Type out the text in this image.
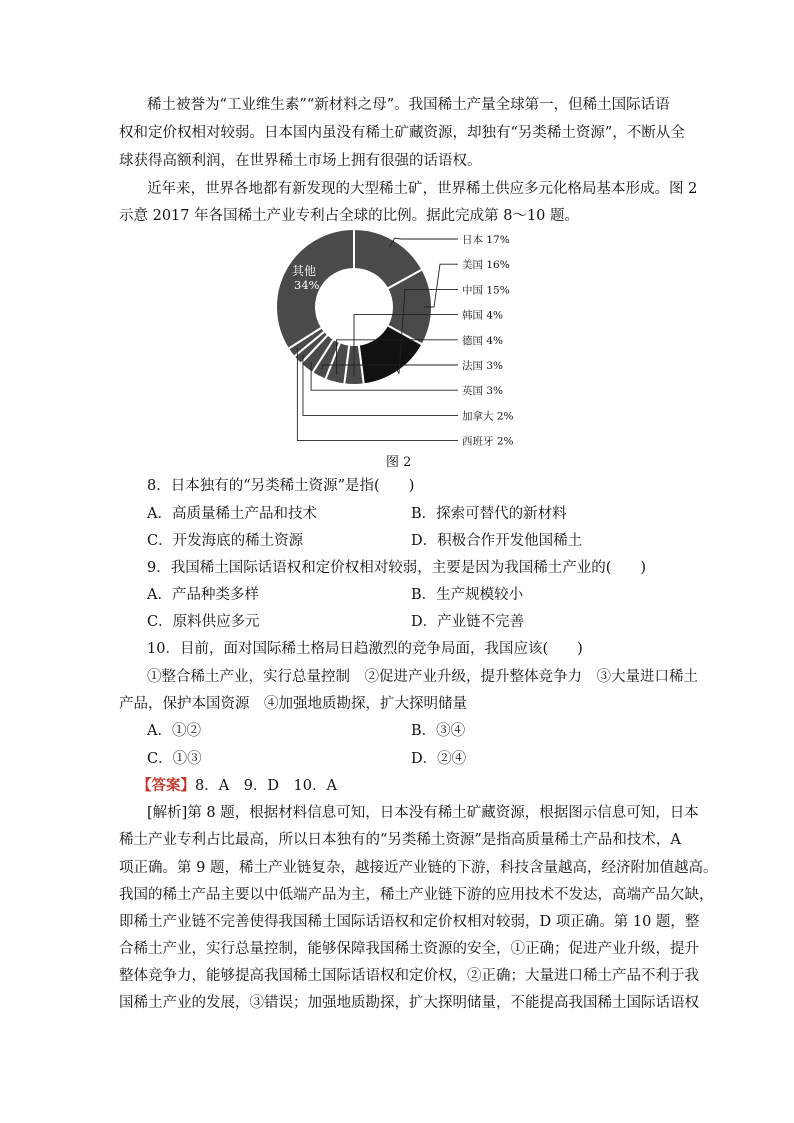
稀土被誉为“工业维生素”“新材料之母”。我国稀土产量全球第一，但稀土国际话语
权和定价权相对较弱。日本国内虽没有稀土矿藏资源，却独有“另类稀土资源”，不断从全
球获得高额利润，在世界稀土市场上拥有很强的话语权。
近年来，世界各地都有新发现的大型稀土矿，世界稀土供应多元化格局基本形成。图 2
示意 2017 年各国稀土产业专利占全球的比例。据此完成第 8～10 题。
日本 17%
美国 16%
中国 15%
韩国 4%
德国 4%
法国 3%
英国 3%
加拿大 2%
西班牙 2%
其他
34%
图 2
8．日本独有的“另类稀土资源”是指(　　)
A．高质量稀土产品和技术	B．探索可替代的新材料
C．开发海底的稀土资源	D．积极合作开发他国稀土
9．我国稀土国际话语权和定价权相对较弱，主要是因为我国稀土产业的(　　)
A．产品种类多样	B．生产规模较小
C．原料供应多元	D．产业链不完善
10．目前，面对国际稀土格局日趋激烈的竞争局面，我国应该(　　)
①整合稀土产业，实行总量控制　②促进产业升级，提升整体竞争力　③大量进口稀土
产品，保护本国资源　④加强地质勘探，扩大探明储量
A．①②	B．③④
C．①③	D．②④
【答案】8．A　9．D　10．A
[解析]第 8 题，根据材料信息可知，日本没有稀土矿藏资源，根据图示信息可知，日本
稀土产业专利占比最高，所以日本独有的“另类稀土资源”是指高质量稀土产品和技术，A
项正确。第 9 题，稀土产业链复杂，越接近产业链的下游，科技含量越高，经济附加值越高。
我国的稀土产品主要以中低端产品为主，稀土产业链下游的应用技术不发达，高端产品欠缺，
即稀土产业链不完善使得我国稀土国际话语权和定价权相对较弱，D 项正确。第 10 题，整
合稀土产业，实行总量控制，能够保障我国稀土资源的安全，①正确；促进产业升级，提升
整体竞争力，能够提高我国稀土国际话语权和定价权，②正确；大量进口稀土产品不利于我
国稀土产业的发展，③错误；加强地质勘探，扩大探明储量，不能提高我国稀土国际话语权
